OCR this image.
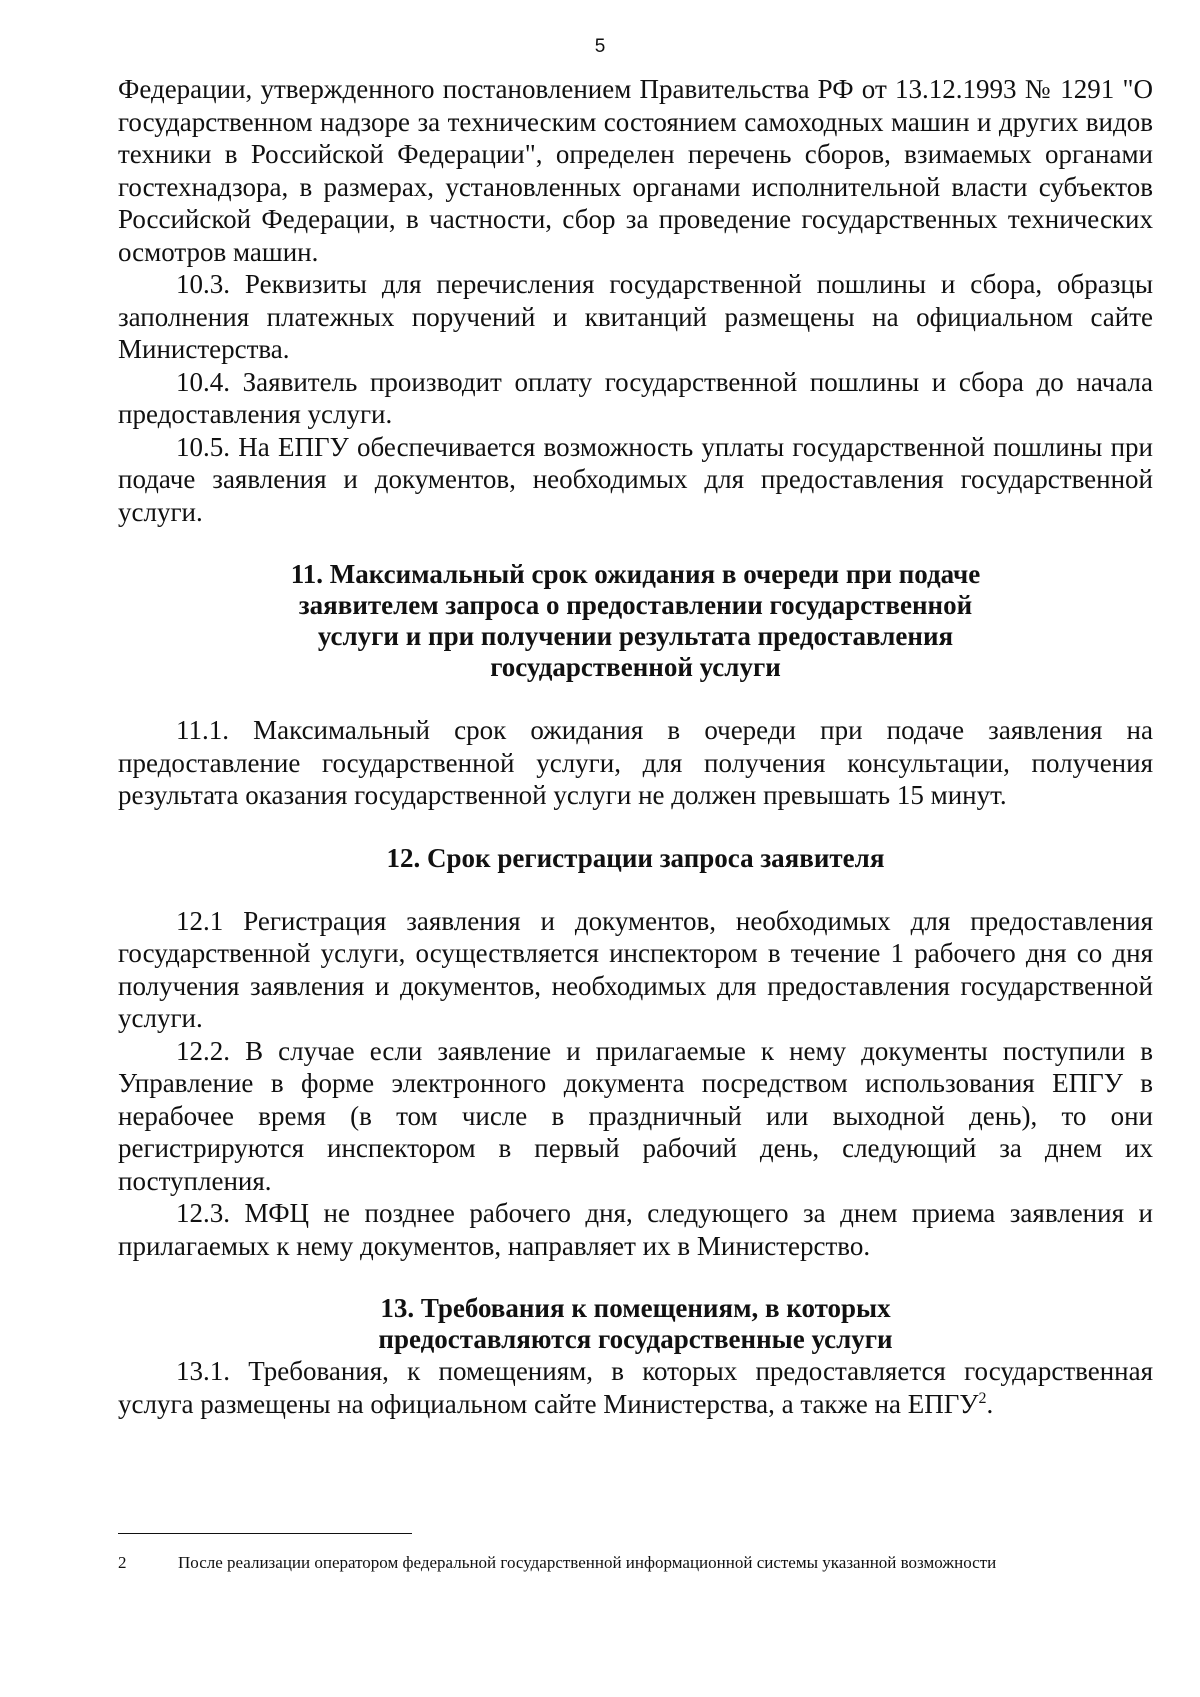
5

Федерации, утвержденного постановлением Правительства РФ от 13.12.1993 № 1291 "О государственном надзоре за техническим состоянием самоходных машин и других видов техники в Российской Федерации", определен перечень сборов, взимаемых органами гостехнадзора, в размерах, установленных органами исполнительной власти субъектов Российской Федерации, в частности, сбор за проведение государственных технических осмотров машин.

10.3. Реквизиты для перечисления государственной пошлины и сбора, образцы заполнения платежных поручений и квитанций размещены на официальном сайте Министерства.

10.4. Заявитель производит оплату государственной пошлины и сбора до начала предоставления услуги.

10.5. На ЕПГУ обеспечивается возможность уплаты государственной пошлины при подаче заявления и документов, необходимых для предоставления государственной услуги.

11. Максимальный срок ожидания в очереди при подаче заявителем запроса о предоставлении государственной услуги и при получении результата предоставления государственной услуги

11.1. Максимальный срок ожидания в очереди при подаче заявления на предоставление государственной услуги, для получения консультации, получения результата оказания государственной услуги не должен превышать 15 минут.

12. Срок регистрации запроса заявителя

12.1 Регистрация заявления и документов, необходимых для предоставления государственной услуги, осуществляется инспектором в течение 1 рабочего дня со дня получения заявления и документов, необходимых для предоставления государственной услуги.

12.2. В случае если заявление и прилагаемые к нему документы поступили в Управление в форме электронного документа посредством использования ЕПГУ в нерабочее время (в том числе в праздничный или выходной день), то они регистрируются инспектором в первый рабочий день, следующий за днем их поступления.

12.3. МФЦ не позднее рабочего дня, следующего за днем приема заявления и прилагаемых к нему документов, направляет их в Министерство.

13. Требования к помещениям, в которых предоставляются государственные услуги

13.1. Требования, к помещениям, в которых предоставляется государственная услуга размещены на официальном сайте Министерства, а также на ЕПГУ$^2$.

2	После реализации оператором федеральной государственной информационной системы указанной возможности
